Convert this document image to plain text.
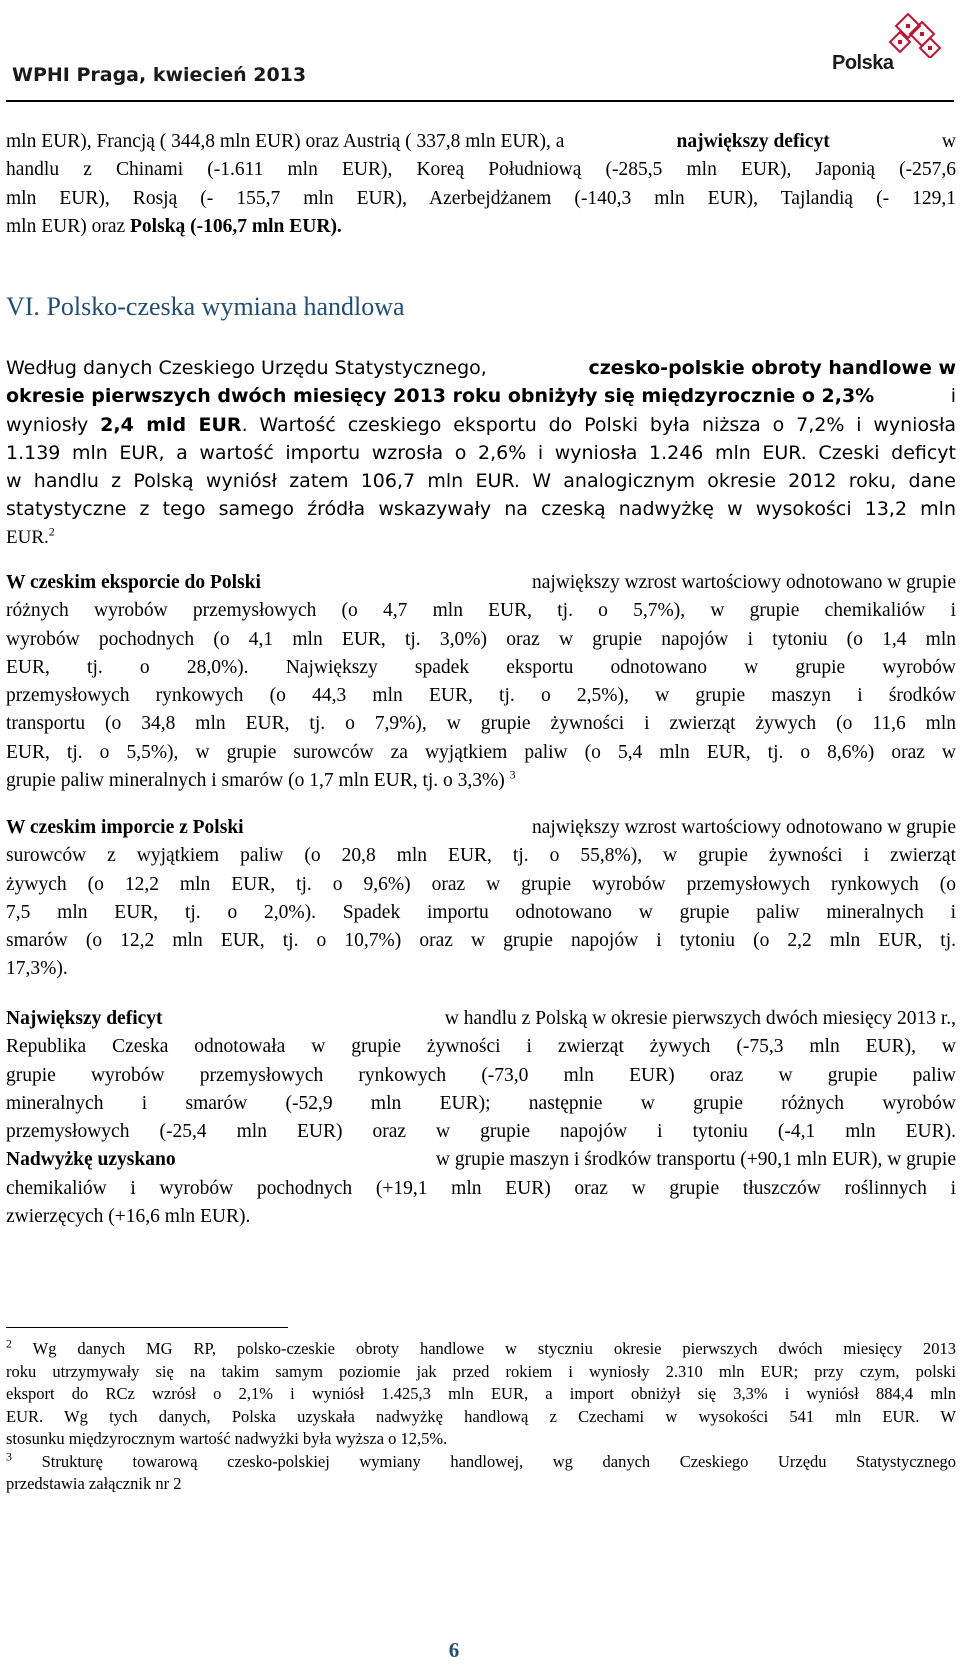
WPHI Praga, kwiecień 2013
Polska
mln EUR), Francją ( 344,8 mln EUR) oraz Austrią ( 337,8 mln EUR), a	największy deficyt	w
handlu z Chinami (-1.611 mln EUR), Koreą Południową (-285,5 mln EUR), Japonią (-257,6
mln EUR), Rosją (- 155,7 mln EUR), Azerbejdżanem (-140,3 mln EUR), Tajlandią (- 129,1
mln EUR) oraz Polską (-106,7 mln EUR).
VI. Polsko-czeska wymiana handlowa
Według danych Czeskiego Urzędu Statystycznego,	czesko-polskie obroty handlowe w
okresie pierwszych dwóch miesięcy 2013 roku obniżyły się międzyrocznie o 2,3%	i
wyniosły 2,4 mld EUR. Wartość czeskiego eksportu do Polski była niższa o 7,2% i wyniosła
1.139 mln EUR, a wartość importu wzrosła o 2,6% i wyniosła 1.246 mln EUR. Czeski deficyt
w handlu z Polską wyniósł zatem 106,7 mln EUR. W analogicznym okresie 2012 roku, dane
statystyczne z tego samego źródła wskazywały na czeską nadwyżkę w wysokości 13,2 mln
EUR.$^2$
W czeskim eksporcie do Polski	największy wzrost wartościowy odnotowano w grupie
różnych wyrobów przemysłowych (o 4,7 mln EUR, tj. o 5,7%), w grupie chemikaliów i
wyrobów pochodnych (o 4,1 mln EUR, tj. 3,0%) oraz w grupie napojów i tytoniu (o 1,4 mln
EUR, tj. o 28,0%). Największy spadek eksportu odnotowano w grupie wyrobów
przemysłowych rynkowych (o 44,3 mln EUR, tj. o 2,5%), w grupie maszyn i środków
transportu (o 34,8 mln EUR, tj. o 7,9%), w grupie żywności i zwierząt żywych (o 11,6 mln
EUR, tj. o 5,5%), w grupie surowców za wyjątkiem paliw (o 5,4 mln EUR, tj. o 8,6%) oraz w
grupie paliw mineralnych i smarów (o 1,7 mln EUR, tj. o 3,3%) $^3$
W czeskim imporcie z Polski	największy wzrost wartościowy odnotowano w grupie
surowców z wyjątkiem paliw (o 20,8 mln EUR, tj. o 55,8%), w grupie żywności i zwierząt
żywych (o 12,2 mln EUR, tj. o 9,6%) oraz w grupie wyrobów przemysłowych rynkowych (o
7,5 mln EUR, tj. o 2,0%). Spadek importu odnotowano w grupie paliw mineralnych i
smarów (o 12,2 mln EUR, tj. o 10,7%) oraz w grupie napojów i tytoniu (o 2,2 mln EUR, tj.
17,3%).
Największy deficyt	w handlu z Polską w okresie pierwszych dwóch miesięcy 2013 r.,
Republika Czeska odnotowała w grupie żywności i zwierząt żywych (-75,3 mln EUR), w
grupie wyrobów przemysłowych rynkowych (-73,0 mln EUR) oraz w grupie paliw
mineralnych i smarów (-52,9 mln EUR); następnie w grupie różnych wyrobów
przemysłowych (-25,4 mln EUR) oraz w grupie napojów i tytoniu (-4,1 mln EUR).
Nadwyżkę uzyskano	w grupie maszyn i środków transportu (+90,1 mln EUR), w grupie
chemikaliów i wyrobów pochodnych (+19,1 mln EUR) oraz w grupie tłuszczów roślinnych i
zwierzęcych (+16,6 mln EUR).
$^2$ Wg danych MG RP, polsko-czeskie obroty handlowe w styczniu okresie pierwszych dwóch miesięcy 2013
roku utrzymywały się na takim samym poziomie jak przed rokiem i wyniosły 2.310 mln EUR; przy czym, polski
eksport do RCz wzrósł o 2,1% i wyniósł 1.425,3 mln EUR, a import obniżył się 3,3% i wyniósł 884,4 mln
EUR. Wg tych danych, Polska uzyskała nadwyżkę handlową z Czechami w wysokości 541 mln EUR. W
stosunku międzyrocznym wartość nadwyżki była wyższa o 12,5%.
$^3$ Strukturę towarową czesko-polskiej wymiany handlowej, wg danych Czeskiego Urzędu Statystycznego
przedstawia załącznik nr 2
6
